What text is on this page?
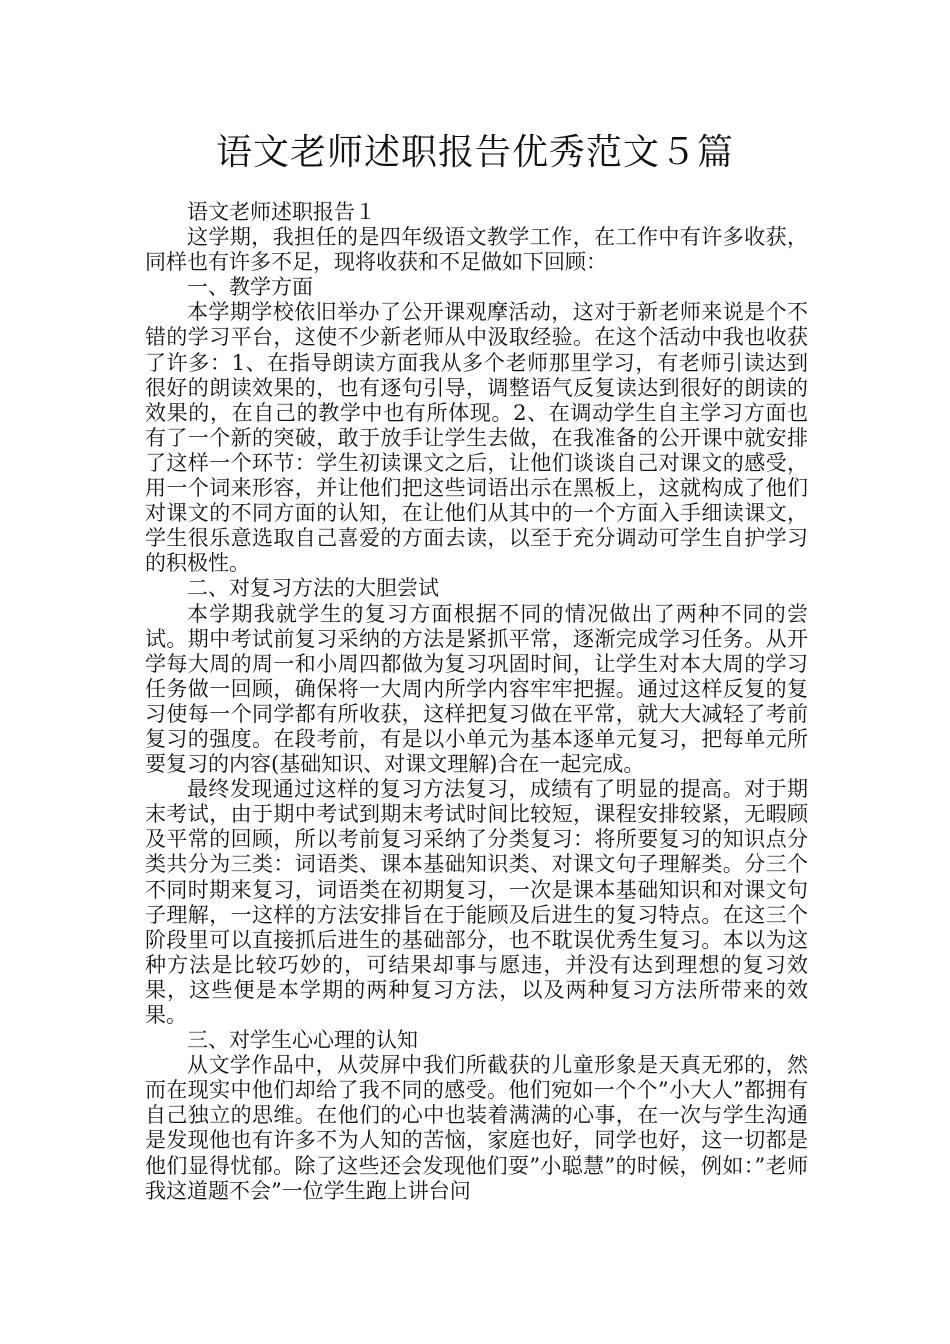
语文老师述职报告优秀范文５篇

语文老师述职报告１

这学期，我担任的是四年级语文教学工作，在工作中有许多收获，同样也有许多不足，现将收获和不足做如下回顾：

一、教学方面

本学期学校依旧举办了公开课观摩活动，这对于新老师来说是个不错的学习平台，这使不少新老师从中汲取经验。在这个活动中我也收获了许多：1、在指导朗读方面我从多个老师那里学习，有老师引读达到很好的朗读效果的，也有逐句引导，调整语气反复读达到很好的朗读的效果的，在自己的教学中也有所体现。2、在调动学生自主学习方面也有了一个新的突破，敢于放手让学生去做，在我准备的公开课中就安排了这样一个环节：学生初读课文之后，让他们谈谈自己对课文的感受，用一个词来形容，并让他们把这些词语出示在黑板上，这就构成了他们对课文的不同方面的认知，在让他们从其中的一个方面入手细读课文，学生很乐意选取自己喜爱的方面去读，以至于充分调动可学生自护学习的积极性。

二、对复习方法的大胆尝试

本学期我就学生的复习方面根据不同的情况做出了两种不同的尝试。期中考试前复习采纳的方法是紧抓平常，逐渐完成学习任务。从开学每大周的周一和小周四都做为复习巩固时间，让学生对本大周的学习任务做一回顾，确保将一大周内所学内容牢牢把握。通过这样反复的复习使每一个同学都有所收获，这样把复习做在平常，就大大减轻了考前复习的强度。在段考前，有是以小单元为基本逐单元复习，把每单元所要复习的内容(基础知识、对课文理解)合在一起完成。

最终发现通过这样的复习方法复习，成绩有了明显的提高。对于期末考试，由于期中考试到期末考试时间比较短，课程安排较紧，无暇顾及平常的回顾，所以考前复习采纳了分类复习：将所要复习的知识点分类共分为三类：词语类、课本基础知识类、对课文句子理解类。分三个不同时期来复习，词语类在初期复习，一次是课本基础知识和对课文句子理解，一这样的方法安排旨在于能顾及后进生的复习特点。在这三个阶段里可以直接抓后进生的基础部分，也不耽误优秀生复习。本以为这种方法是比较巧妙的，可结果却事与愿违，并没有达到理想的复习效果，这些便是本学期的两种复习方法，以及两种复习方法所带来的效果。

三、对学生心心理的认知

从文学作品中，从荧屏中我们所截获的儿童形象是天真无邪的，然而在现实中他们却给了我不同的感受。他们宛如一个个”小大人”都拥有自己独立的思维。在他们的心中也装着满满的心事，在一次与学生沟通是发现他也有许多不为人知的苦恼，家庭也好，同学也好，这一切都是他们显得忧郁。除了这些还会发现他们耍”小聪慧”的时候，例如：”老师我这道题不会”一位学生跑上讲台问
